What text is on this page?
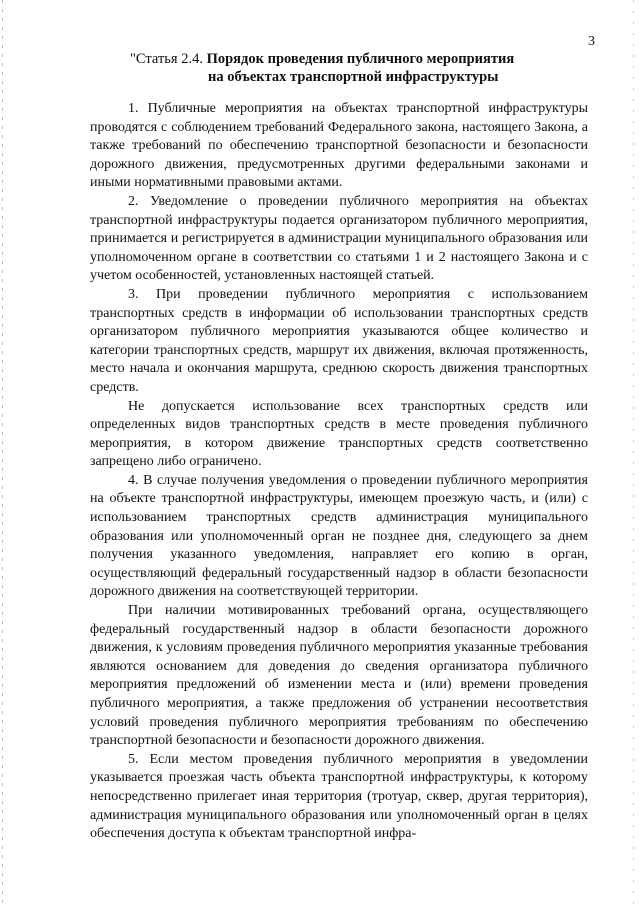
3
"Статья 2.4. Порядок проведения публичного мероприятия
на объектах транспортной инфраструктуры

1. Публичные мероприятия на объектах транспортной инфраструктуры проводятся с соблюдением требований Федерального закона, настоящего Закона, а также требований по обеспечению транспортной безопасности и безопасности дорожного движения, предусмотренных другими федеральными законами и иными нормативными правовыми актами.

2. Уведомление о проведении публичного мероприятия на объектах транспортной инфраструктуры подается организатором публичного мероприятия, принимается и регистрируется в администрации муниципального образования или уполномоченном органе в соответствии со статьями 1 и 2 настоящего Закона и с учетом особенностей, установленных настоящей статьей.

3. При проведении публичного мероприятия с использованием транспортных средств в информации об использовании транспортных средств организатором публичного мероприятия указываются общее количество и категории транспортных средств, маршрут их движения, включая протяженность, место начала и окончания маршрута, среднюю скорость движения транспортных средств.

Не допускается использование всех транспортных средств или определенных видов транспортных средств в месте проведения публичного мероприятия, в котором движение транспортных средств соответственно запрещено либо ограничено.

4. В случае получения уведомления о проведении публичного мероприятия на объекте транспортной инфраструктуры, имеющем проезжую часть, и (или) с использованием транспортных средств администрация муниципального образования или уполномоченный орган не позднее дня, следующего за днем получения указанного уведомления, направляет его копию в орган, осуществляющий федеральный государственный надзор в области безопасности дорожного движения на соответствующей территории.

При наличии мотивированных требований органа, осуществляющего федеральный государственный надзор в области безопасности дорожного движения, к условиям проведения публичного мероприятия указанные требования являются основанием для доведения до сведения организатора публичного мероприятия предложений об изменении места и (или) времени проведения публичного мероприятия, а также предложения об устранении несоответствия условий проведения публичного мероприятия требованиям по обеспечению транспортной безопасности и безопасности дорожного движения.

5. Если местом проведения публичного мероприятия в уведомлении указывается проезжая часть объекта транспортной инфраструктуры, к которому непосредственно прилегает иная территория (тротуар, сквер, другая территория), администрация муниципального образования или уполномоченный орган в целях обеспечения доступа к объектам транспортной инфра-
